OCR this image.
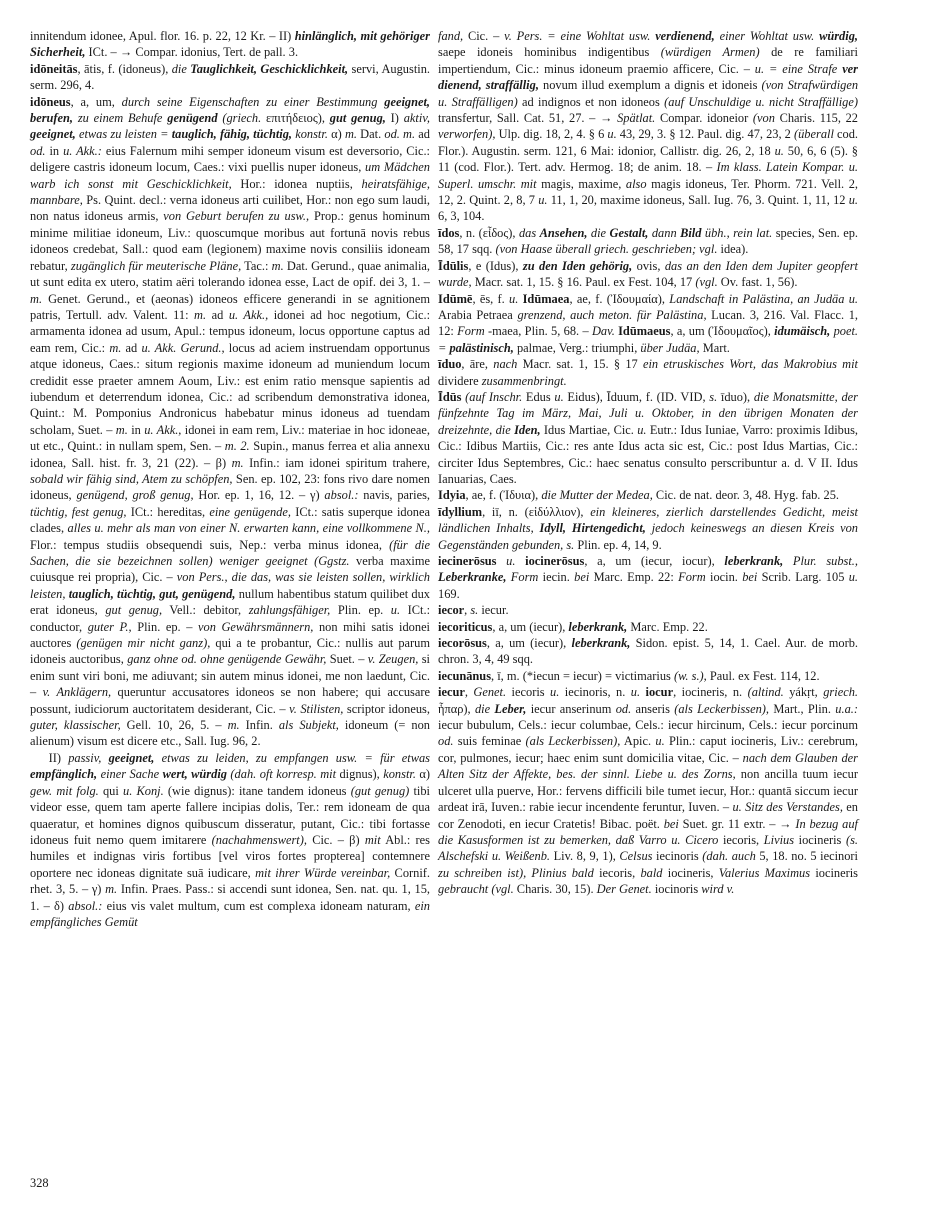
innitendum idonee, Apul. flor. 16. p. 22, 12 Kr. – II) hinlänglich, mit gehöriger Sicherheit, ICt. – → Compar. idonius, Tert. de pall. 3.

idōneitās, ātis, f. (idoneus), die Tauglichkeit, Geschicklichkeit, servi, Augustin. serm. 296, 4.

idōneus, a, um, durch seine Eigenschaften zu einer Bestimmung geeignet, berufen, zu einem Behufe genügend (griech. επιτήδειος), gut genug, I) aktiv, geeignet, etwas zu leisten = tauglich, fähig, tüchtig, konstr. α) m. Dat. od. m. ad od. in u. Akk.: eius Falernum mihi semper idoneum visum est deversorio, Cic.: deligere castris idoneum locum, Caes.: vixi puellis nuper idoneus, um Mädchen warb ich sonst mit Geschicklichkeit, Hor.: idonea nuptiis, heiratsfähige, mannbare, Ps. Quint. decl.: verna idoneus arti cuilibet, Hor.: non ego sum laudi, non natus idoneus armis, von Geburt berufen zu usw., Prop.: genus hominum minime militiae idoneum, Liv.: quoscumque moribus aut fortunā novis rebus idoneos credebat, Sall.: quod eam (legionem) maxime novis consiliis idoneam rebatur, zugänglich für meuterische Pläne, Tac.: m. Dat. Gerund., quae animalia, ut sunt edita ex utero, statim aëri tolerando idonea esse, Lact de opif. dei 3, 1. – m. Genet. Gerund., et (aeonas) idoneos efficere generandi in se agnitionem patris, Tertull. adv. Valent. 11: m. ad u. Akk., idonei ad hoc negotium, Cic.: armamenta idonea ad usum, Apul.: tempus idoneum, locus opportune captus ad eam rem, Cic.: m. ad u. Akk. Gerund., locus ad aciem instruendam opportunus atque idoneus, Caes.: situm regionis maxime idoneum ad muniendum locum credidit esse praeter amnem Aoum, Liv.: est enim ratio mensque sapientis ad iubendum et deterrendum idonea, Cic.: ad scribendum demonstrativa idonea, Quint.: M. Pomponius Andronicus habebatur minus idoneus ad tuendam scholam, Suet. – m. in u. Akk., idonei in eam rem, Liv.: materiae in hoc idoneae, ut etc., Quint.: in nullam spem, Sen. – m. 2. Supin., manus ferrea et alia annexu idonea, Sall. hist. fr. 3, 21 (22). – β) m. Infin.: iam idonei spiritum trahere, sobald wir fähig sind, Atem zu schöpfen, Sen. ep. 102, 23: fons rivo dare nomen idoneus, genügend, groß genug, Hor. ep. 1, 16, 12. – γ) absol.: navis, paries, tüchtig, fest genug, ICt.: hereditas, eine genügende, ICt.: satis superque idonea clades, alles u. mehr als man von einer N. erwarten kann, eine vollkommene N., Flor.: tempus studiis obsequendi suis, Nep.: verba minus idonea, (für die Sachen, die sie bezeichnen sollen) weniger geeignet (Ggstz. verba maxime cuiusque rei propria), Cic. – von Pers., die das, was sie leisten sollen, wirklich leisten, tauglich, tüchtig, gut, genügend, nullum habentibus statum quilibet dux erat idoneus, gut genug, Vell.: debitor, zahlungsfähiger, Plin. ep. u. ICt.: conductor, guter P., Plin. ep. – von Gewährsmännern, non mihi satis idonei auctores (genügen mir nicht ganz), qui a te probantur, Cic.: nullis aut parum idoneis auctoribus, ganz ohne od. ohne genügende Gewähr, Suet. – v. Zeugen, si enim sunt viri boni, me adiuvant; sin autem minus idonei, me non laedunt, Cic. – v. Anklägern, queruntur accusatores idoneos se non habere; qui accusare possunt, iudiciorum auctoritatem desiderant, Cic. – v. Stilisten, scriptor idoneus, guter, klassischer, Gell. 10, 26, 5. – m. Infin. als Subjekt, idoneum (= non alienum) visum est dicere etc., Sall. Iug. 96, 2.

II) passiv, geeignet, etwas zu leiden, zu empfangen usw. = für etwas empfänglich, einer Sache wert, würdig (dah. oft korresp. mit dignus), konstr. α) gew. mit folg. qui u. Konj. (wie dignus): itane tandem idoneus (gut genug) tibi videor esse, quem tam aperte fallere incipias dolis, Ter.: rem idoneam de qua quaeratur, et homines dignos quibuscum disseratur, putant, Cic.: tibi fortasse idoneus fuit nemo quem imitarere (nachahmenswert), Cic. – β) mit Abl.: res humiles et indignas viris fortibus [vel viros fortes propterea] contemnere oportere nec idoneas dignitate suā iudicare, mit ihrer Würde vereinbar, Cornif. rhet. 3, 5. – γ) m. Infin. Praes. Pass.: si accendi sunt idonea, Sen. nat. qu. 1, 15, 1. – δ) absol.: eius vis valet multum, cum est complexa idoneam naturam, ein empfängliches Gemüt

fand, Cic. – v. Pers. = eine Wohltat usw. verdienend, einer Wohltat usw. würdig, saepe idoneis hominibus indigentibus (würdigen Armen) de re familiari impertiendum, Cic.: minus idoneum praemio afficere, Cic. – u. = eine Strafe ver dienend, straffällig, novum illud exemplum a dignis et idoneis (von Strafwürdigen u. Straffälligen) ad indignos et non idoneos (auf Unschuldige u. nicht Straffällige) transfertur, Sall. Cat. 51, 27. – → Spätlat. Compar. idoneior (von Charis. 115, 22 verworfen), Ulp. dig. 18, 2, 4. § 6 u. 43, 29, 3. § 12. Paul. dig. 47, 23, 2 (überall cod. Flor.). Augustin. serm. 121, 6 Mai: idonior, Callistr. dig. 26, 2, 18 u. 50, 6, 6 (5). § 11 (cod. Flor.). Tert. adv. Hermog. 18; de anim. 18. – Im klass. Latein Kompar. u. Superl. umschr. mit magis, maxime, also magis idoneus, Ter. Phorm. 721. Vell. 2, 12, 2. Quint. 2, 8, 7 u. 11, 1, 20, maxime idoneus, Sall. Iug. 76, 3. Quint. 1, 11, 12 u. 6, 3, 104.

īdos, n. (εἶδος), das Ansehen, die Gestalt, dann Bild übh., rein lat. species, Sen. ep. 58, 17 sqq. (von Haase überall griech. geschrieben; vgl. idea).

Īdūlis, e (Idus), zu den Iden gehörig, ovis, das an den Iden dem Jupiter geopfert wurde, Macr. sat. 1, 15. § 16. Paul. ex Fest. 104, 17 (vgl. Ov. fast. 1, 56).

Idūmē, ēs, f. u. Idūmaea, ae, f. (Ἰδουμαία), Landschaft in Palästina, an Judäa u. Arabia Petraea grenzend, auch meton. für Palästina, Lucan. 3, 216. Val. Flacc. 1, 12: Form -maea, Plin. 5, 68. – Dav. Idūmaeus, a, um (Ἰδουμαῖος), idumäisch, poet. = palästinisch, palmae, Verg.: triumphi, über Judäa, Mart.

īduo, āre, nach Macr. sat. 1, 15. § 17 ein etruskisches Wort, das Makrobius mit dividere zusammenbringt.

Īdūs (auf Inschr. Edus u. Eidus), Īduum, f. (ID. VID, s. īduo), die Monatsmitte, der fünfzehnte Tag im März, Mai, Juli u. Oktober, in den übrigen Monaten der dreizehnte, die Iden, Idus Martiae, Cic. u. Eutr.: Idus Iuniae, Varro: proximis Idibus, Cic.: Idibus Martiis, Cic.: res ante Idus acta sic est, Cic.: post Idus Martias, Cic.: circiter Idus Septembres, Cic.: haec senatus consulto perscribuntur a. d. V II. Idus Ianuarias, Caes.

Idyia, ae, f. (Ἰδυια), die Mutter der Medea, Cic. de nat. deor. 3, 48. Hyg. fab. 25.

īdyllium, iī, n. (εἰδύλλιον), ein kleineres, zierlich darstellendes Gedicht, meist ländlichen Inhalts, Idyll, Hirtengedicht, jedoch keineswegs an diesen Kreis von Gegenständen gebunden, s. Plin. ep. 4, 14, 9.

iecinerōsus u. iocinerōsus, a, um (iecur, iocur), leberkrank, Plur. subst., Leberkranke, Form iecin. bei Marc. Emp. 22: Form iocin. bei Scrib. Larg. 105 u. 169.

iecor, s. iecur.

iecoriticus, a, um (iecur), leberkrank, Marc. Emp. 22.

iecorōsus, a, um (iecur), leberkrank, Sidon. epist. 5, 14, 1. Cael. Aur. de morb. chron. 3, 4, 49 sqq.

iecunānus, ī, m. (*iecun = iecur) = victimarius (w. s.), Paul. ex Fest. 114, 12.

iecur, Genet. iecoris u. iecinoris, n. u. iocur, iocineris, n. (altind. yákṛt, griech. ἧπαρ), die Leber, iecur anserinum od. anseris (als Leckerbissen), Mart., Plin. u.a.: iecur bubulum, Cels.: iecur columbae, Cels.: iecur hircinum, Cels.: iecur porcinum od. suis feminae (als Leckerbissen), Apic. u. Plin.: caput iocineris, Liv.: cerebrum, cor, pulmones, iecur; haec enim sunt domicilia vitae, Cic. – nach dem Glauben der Alten Sitz der Affekte, bes. der sinnl. Liebe u. des Zorns, non ancilla tuum iecur ulceret ulla puerve, Hor.: fervens difficili bile tumet iecur, Hor.: quantā siccum iecur ardeat irā, Iuven.: rabie iecur incendente feruntur, Iuven. – u. Sitz des Verstandes, en cor Zenodoti, en iecur Cratetis! Bibac. poët. bei Suet. gr. 11 extr. – → In bezug auf die Kasusformen ist zu bemerken, daß Varro u. Cicero iecoris, Livius iocineris (s. Alschefski u. Weißenb. Liv. 8, 9, 1), Celsus iecinoris (dah. auch 5, 18. no. 5 iecinori zu schreiben ist), Plinius bald iecoris, bald iocineris, Valerius Maximus iocineris gebraucht (vgl. Charis. 30, 15). Der Genet. iocinoris wird v.

328
